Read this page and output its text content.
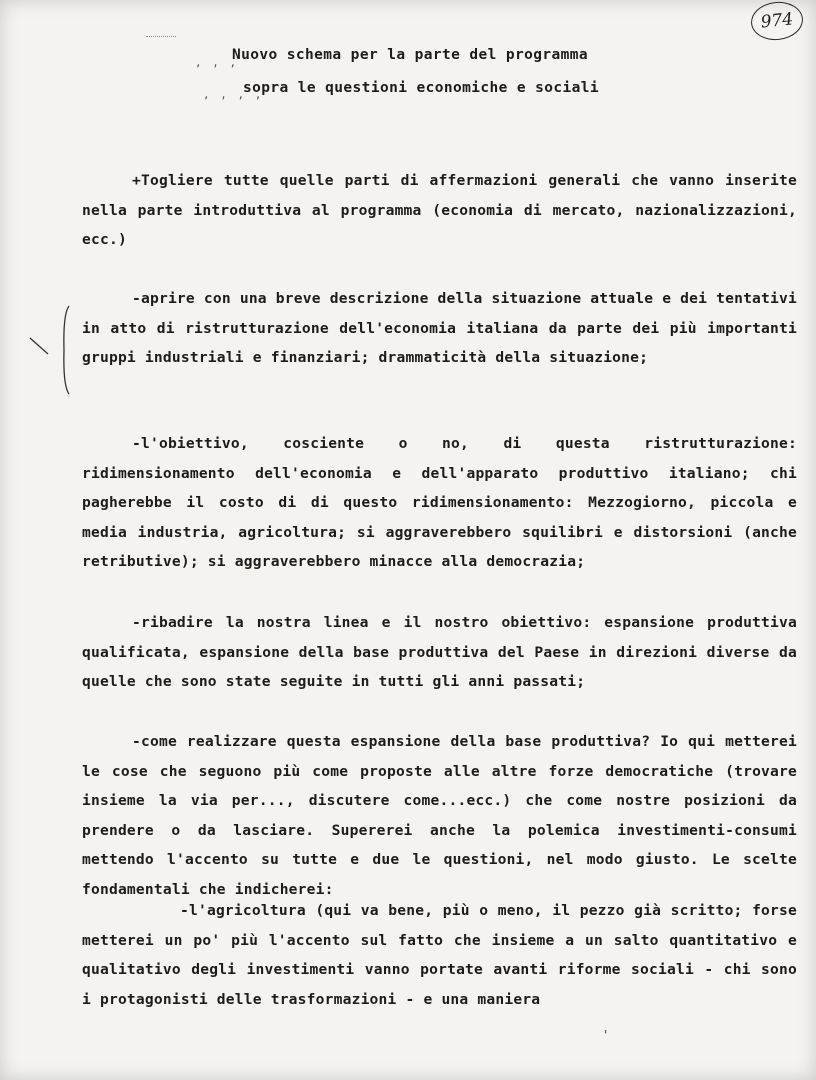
974
, , ,
, , , ,
Nuovo schema per la parte del programma
sopra le questioni economiche e sociali

+Togliere tutte quelle parti di affermazioni generali che vanno inserite nella parte introduttiva al programma (economia di mercato, nazionalizzazioni, ecc.)

-aprire con una breve descrizione della situazione attuale e dei tentativi in atto di ristrutturazione dell'economia italiana da parte dei più importanti gruppi industriali e finanziari; drammaticità della situazione;

-l'obiettivo, cosciente o no, di questa ristrutturazione: ridimensionamento dell'economia e dell'apparato produttivo italiano; chi pagherebbe il costo di di questo ridimensionamento: Mezzogiorno, piccola e media industria, agricoltura; si aggraverebbero squilibri e distorsioni (anche retributive); si aggraverebbero minacce alla democrazia;

-ribadire la nostra linea e il nostro obiettivo: espansione produttiva qualificata, espansione della base produttiva del Paese in direzioni diverse da quelle che sono state seguite in tutti gli anni passati;

-come realizzare questa espansione della base produttiva? Io qui metterei le cose che seguono più come proposte alle altre forze democratiche (trovare insieme la via per..., discutere come...ecc.) che come nostre posizioni da prendere o da lasciare. Supererei anche la polemica investimenti-consumi mettendo l'accento su tutte e due le questioni, nel modo giusto. Le scelte fondamentali che indicherei:

-l'agricoltura (qui va bene, più o meno, il pezzo già scritto; forse metterei un po' più l'accento sul fatto che insieme a un salto quantitativo e qualitativo degli investimenti vanno portate avanti riforme sociali - chi sono i protagonisti delle trasformazioni - e una maniera

'
